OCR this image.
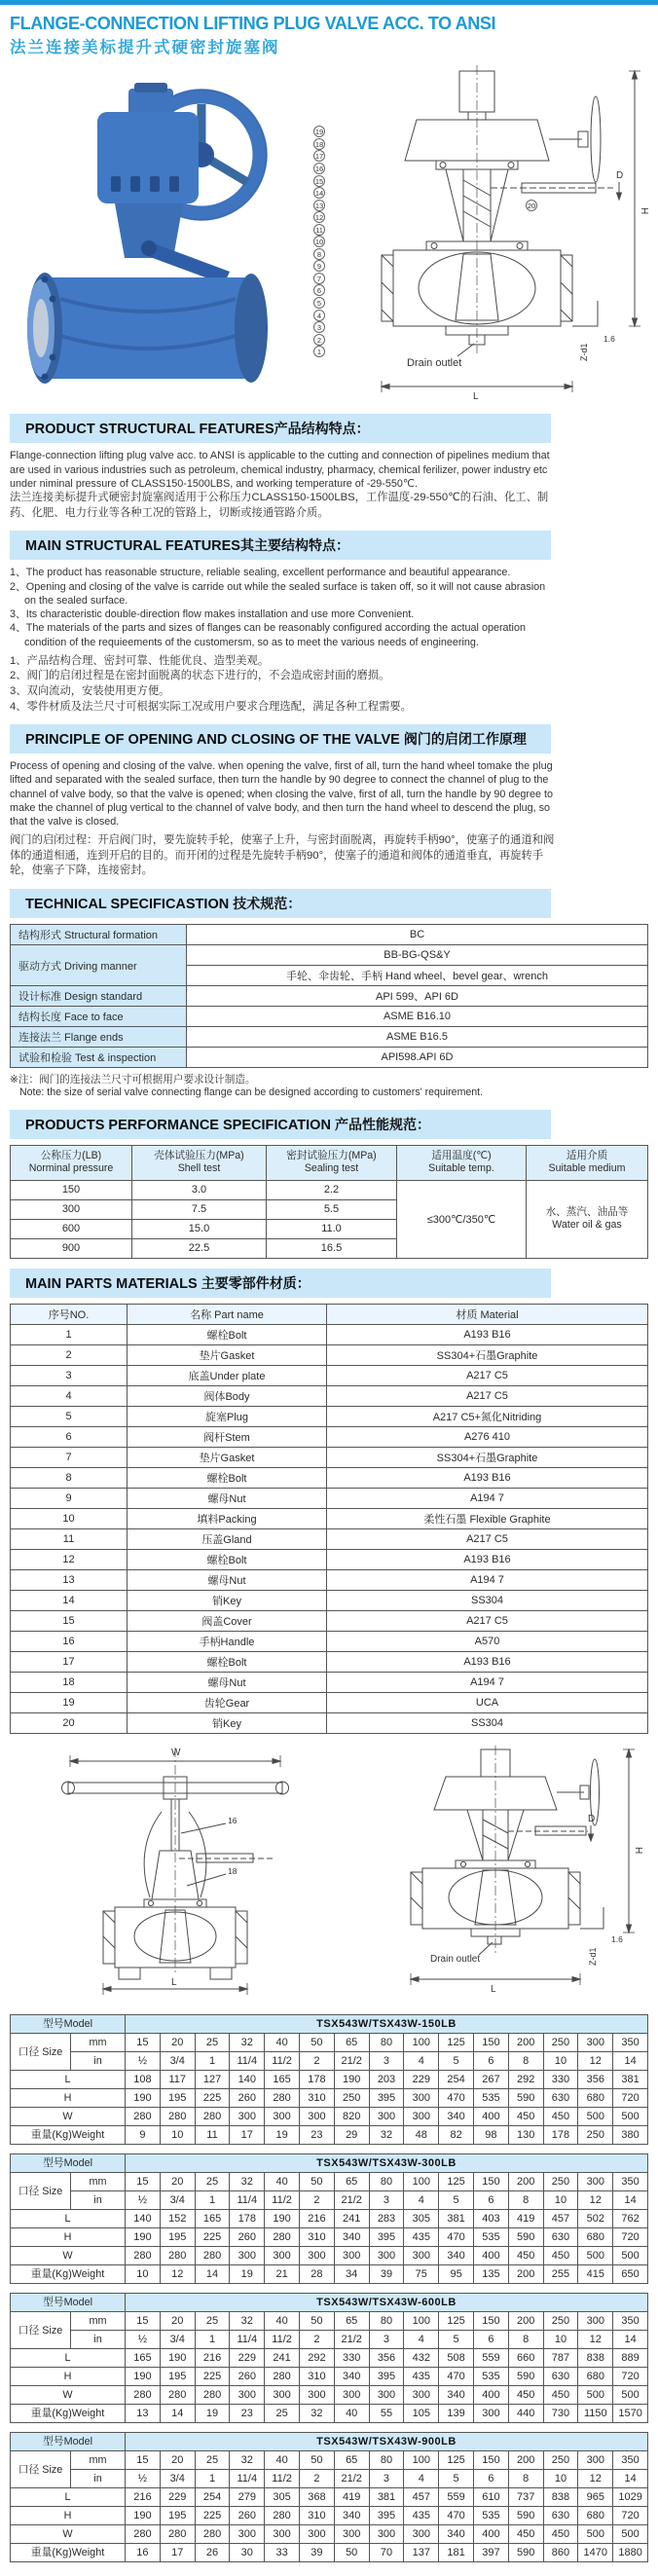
FLANGE-CONNECTION LIFTING PLUG VALVE ACC. TO ANSI
法兰连接美标提升式硬密封旋塞阀
19
18
17
16
15
14
13
12
11
10
8
9
7
6
5
4
3
2
1
20
Drain outlet
H
D
L
Z-d1
1.6
PRODUCT STRUCTURAL FEATURES产品结构特点：

Flange-connection lifting plug valve acc. to ANSI is applicable to the cutting and connection of pipelines medium that are used in various industries such as petroleum, chemical industry, pharmacy, chemical ferilizer, power industry etc under niminal pressure of CLASS150-1500LBS, and working temperature of -29-550℃.

法兰连接美标提升式硬密封旋塞阀适用于公称压力CLASS150-1500LBS，工作温度-29-550℃的石油、化工、制药、化肥、电力行业等各种工况的管路上，切断或接通管路介质。

MAIN STRUCTURAL FEATURES其主要结构特点：

1、The product has reasonable structure, reliable sealing, excellent performance and beautiful appearance.

2、Opening and closing of the valve is carride out while the sealed surface is taken off, so it will not cause abrasion on the sealed surface.

3、Its characteristic double-direction flow makes installation and use more Convenient.

4、The materials of the parts and sizes of flanges can be reasonably configured according the actual operation condition of the requieements of the customersm, so as to meet the various needs of engineering.

1、产品结构合理、密封可靠、性能优良、造型美观。

2、阀门的启闭过程是在密封面脱离的状态下进行的，不会造成密封面的磨损。

3、双向流动，安装使用更方便。

4、零件材质及法兰尺寸可根据实际工况或用户要求合理选配，满足各种工程需要。

PRINCIPLE OF OPENING AND CLOSING OF THE VALVE 阀门的启闭工作原理

Process of opening and closing of the valve. when opening the valve, first of all, turn the hand wheel tomake the plug lifted and separated with the sealed surface, then turn the handle by 90 degree to connect the channel of plug to the channel of valve body, so that the valve is opened; when closing the valve, first of all, turn the handle by 90 degree to make the channel of plug vertical to the channel of valve body, and then turn the hand wheel to descend the plug, so that the valve is closed.

阀门的启闭过程：开启阀门时，要先旋转手轮，使塞子上升，与密封面脱离，再旋转手柄90°，使塞子的通道和阀体的通道相通，连到开启的目的。而开闭的过程是先旋转手柄90°，使塞子的通道和阀体的通道垂直，再旋转手轮，使塞子下降，连接密封。

TECHNICAL SPECIFICASTION 技术规范：
结构形式 Structural formation	BC
驱动方式 Driving manner	BB-BG-QS&Y
	手轮、伞齿轮、手柄 Hand wheel、bevel gear、wrench
设计标准 Design standard	API 599、API 6D
结构长度 Face to face	ASME B16.10
连接法兰 Flange ends	ASME B16.5
试验和检验 Test & inspection	API598.API 6D
※注：阀门的连接法兰尺寸可根据用户要求设计制造。
Note: the size of serial valve connecting flange can be designed according to customers' requirement.
PRODUCTS PERFORMANCE SPECIFICATION 产品性能规范：
公称压力(LB)
Norminal pressure	壳体试验压力(MPa)
Shell test	密封试验压力(MPa)
Sealing test	适用温度(℃)
Suitable temp.	适用介质
Suitable medium

150	3.0	2.2	≤300℃/350℃	水、蒸汽、油品等
Water oil & gas

300	7.5	5.5		
600	15.0	11.0		
900	22.5	16.5		
MAIN PARTS MATERIALS 主要零部件材质：
序号NO.	名称 Part name	材质 Material
1	螺栓Bolt	A193 B16
2	垫片Gasket	SS304+石墨Graphite
3	底盖Under plate	A217 C5
4	阀体Body	A217 C5
5	旋塞Plug	A217 C5+氮化Nitriding
6	阀杆Stem	A276 410
7	垫片Gasket	SS304+石墨Graphite
8	螺栓Bolt	A193 B16
9	螺母Nut	A194 7
10	填料Packing	柔性石墨 Flexible Graphite
11	压盖Gland	A217 C5
12	螺栓Bolt	A193 B16
13	螺母Nut	A194 7
14	销Key	SS304
15	阀盖Cover	A217 C5
16	手柄Handle	A570
17	螺栓Bolt	A193 B16
18	螺母Nut	A194 7
19	齿轮Gear	UCA
20	销Key	SS304
16
18
W
L
D
Drain outlet
H
Z-d1
1.6
L
型号Model		TSX543W/TSX43W-150LB														
口径 Size	mm	15	20	25	32	40	50	65	80	100	125	150	200	250	300	350
	in	½	3/4	1	11/4	11/2	2	21/2	3	4	5	6	8	10	12	14
L		108	117	127	140	165	178	190	203	229	254	267	292	330	356	381
H		190	195	225	260	280	310	250	395	300	470	535	590	630	680	720
W		280	280	280	300	300	300	820	300	300	340	400	450	450	500	500
重量(Kg)Weight		9	10	11	17	19	23	29	32	48	82	98	130	178	250	380
型号Model		TSX543W/TSX43W-300LB														
口径 Size	mm	15	20	25	32	40	50	65	80	100	125	150	200	250	300	350
	in	½	3/4	1	11/4	11/2	2	21/2	3	4	5	6	8	10	12	14
L		140	152	165	178	190	216	241	283	305	381	403	419	457	502	762
H		190	195	225	260	280	310	340	395	435	470	535	590	630	680	720
W		280	280	280	300	300	300	300	300	300	340	400	450	450	500	500
重量(Kg)Weight		10	12	14	19	21	28	34	39	75	95	135	200	255	415	650
型号Model		TSX543W/TSX43W-600LB														
口径 Size	mm	15	20	25	32	40	50	65	80	100	125	150	200	250	300	350
	in	½	3/4	1	11/4	11/2	2	21/2	3	4	5	6	8	10	12	14
L		165	190	216	229	241	292	330	356	432	508	559	660	787	838	889
H		190	195	225	260	280	310	340	395	435	470	535	590	630	680	720
W		280	280	280	300	300	300	300	300	300	340	400	450	450	500	500
重量(Kg)Weight		13	14	19	23	25	32	40	55	105	139	300	440	730	1150	1570
型号Model		TSX543W/TSX43W-900LB														
口径 Size	mm	15	20	25	32	40	50	65	80	100	125	150	200	250	300	350
	in	½	3/4	1	11/4	11/2	2	21/2	3	4	5	6	8	10	12	14
L		216	229	254	279	305	368	419	381	457	559	610	737	838	965	1029
H		190	195	225	260	280	310	340	395	435	470	535	590	630	680	720
W		280	280	280	300	300	300	300	300	300	340	400	450	450	500	500
重量(Kg)Weight		16	17	26	30	33	39	50	70	137	181	397	590	860	1470	1880
